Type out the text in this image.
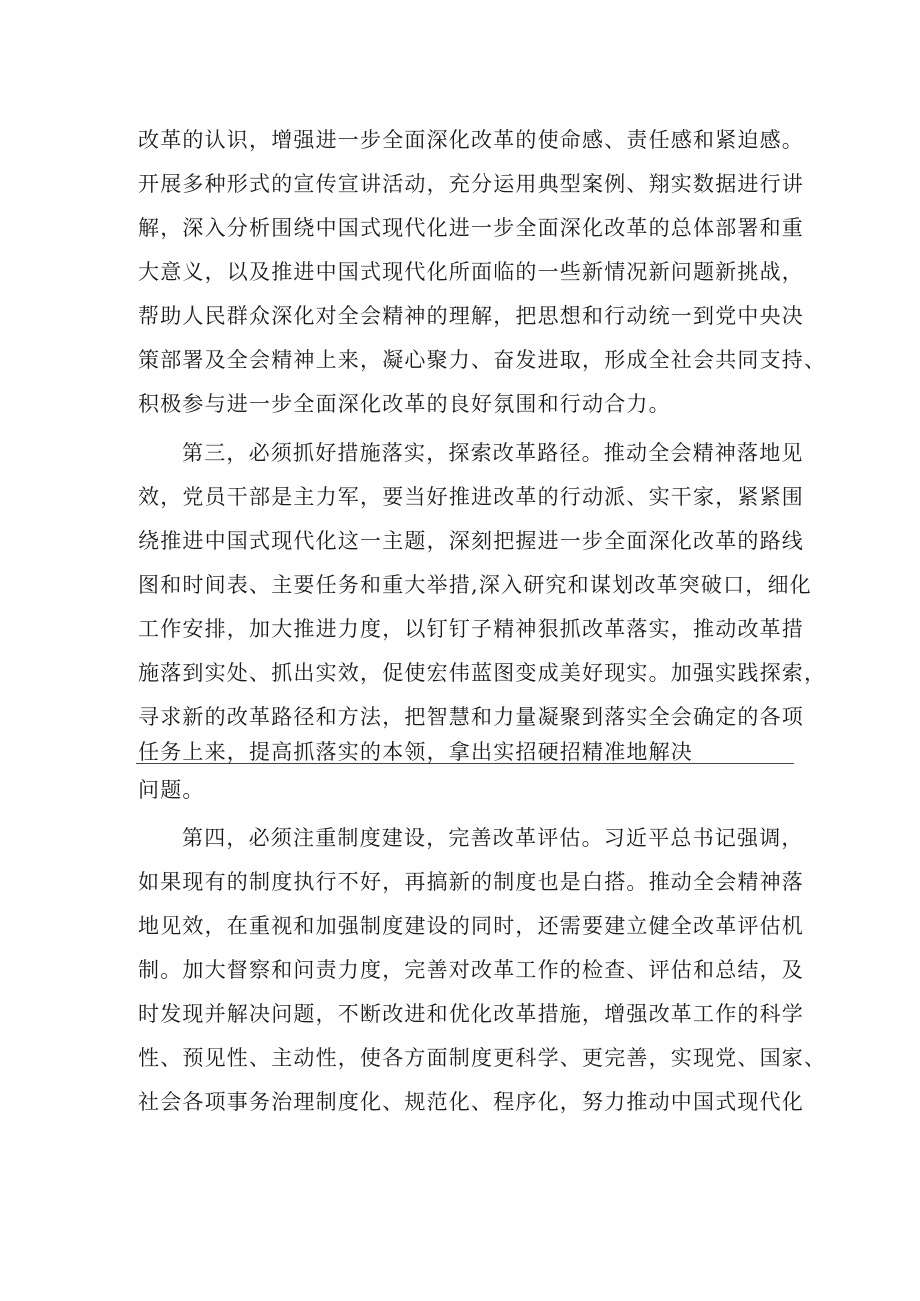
改革的认识，增强进一步全面深化改革的使命感、责任感和紧迫感。
开展多种形式的宣传宣讲活动，充分运用典型案例、翔实数据进行讲
解，深入分析围绕中国式现代化进一步全面深化改革的总体部署和重
大意义，以及推进中国式现代化所面临的一些新情况新问题新挑战，
帮助人民群众深化对全会精神的理解，把思想和行动统一到党中央决
策部署及全会精神上来，凝心聚力、奋发进取，形成全社会共同支持、
积极参与进一步全面深化改革的良好氛围和行动合力。
第三，必须抓好措施落实，探索改革路径。推动全会精神落地见
效，党员干部是主力军，要当好推进改革的行动派、实干家，紧紧围
绕推进中国式现代化这一主题，深刻把握进一步全面深化改革的路线
图和时间表、主要任务和重大举措,深入研究和谋划改革突破口，细化
工作安排，加大推进力度，以钉钉子精神狠抓改革落实，推动改革措
施落到实处、抓出实效，促使宏伟蓝图变成美好现实。加强实践探索，
寻求新的改革路径和方法，把智慧和力量凝聚到落实全会确定的各项
任务上来，提高抓落实的本领，拿出实招硬招精准地解决
问题。
第四，必须注重制度建设，完善改革评估。习近平总书记强调，
如果现有的制度执行不好，再搞新的制度也是白搭。推动全会精神落
地见效，在重视和加强制度建设的同时，还需要建立健全改革评估机
制。加大督察和问责力度，完善对改革工作的检查、评估和总结，及
时发现并解决问题，不断改进和优化改革措施，增强改革工作的科学
性、预见性、主动性，使各方面制度更科学、更完善，实现党、国家、
社会各项事务治理制度化、规范化、程序化，努力推动中国式现代化
